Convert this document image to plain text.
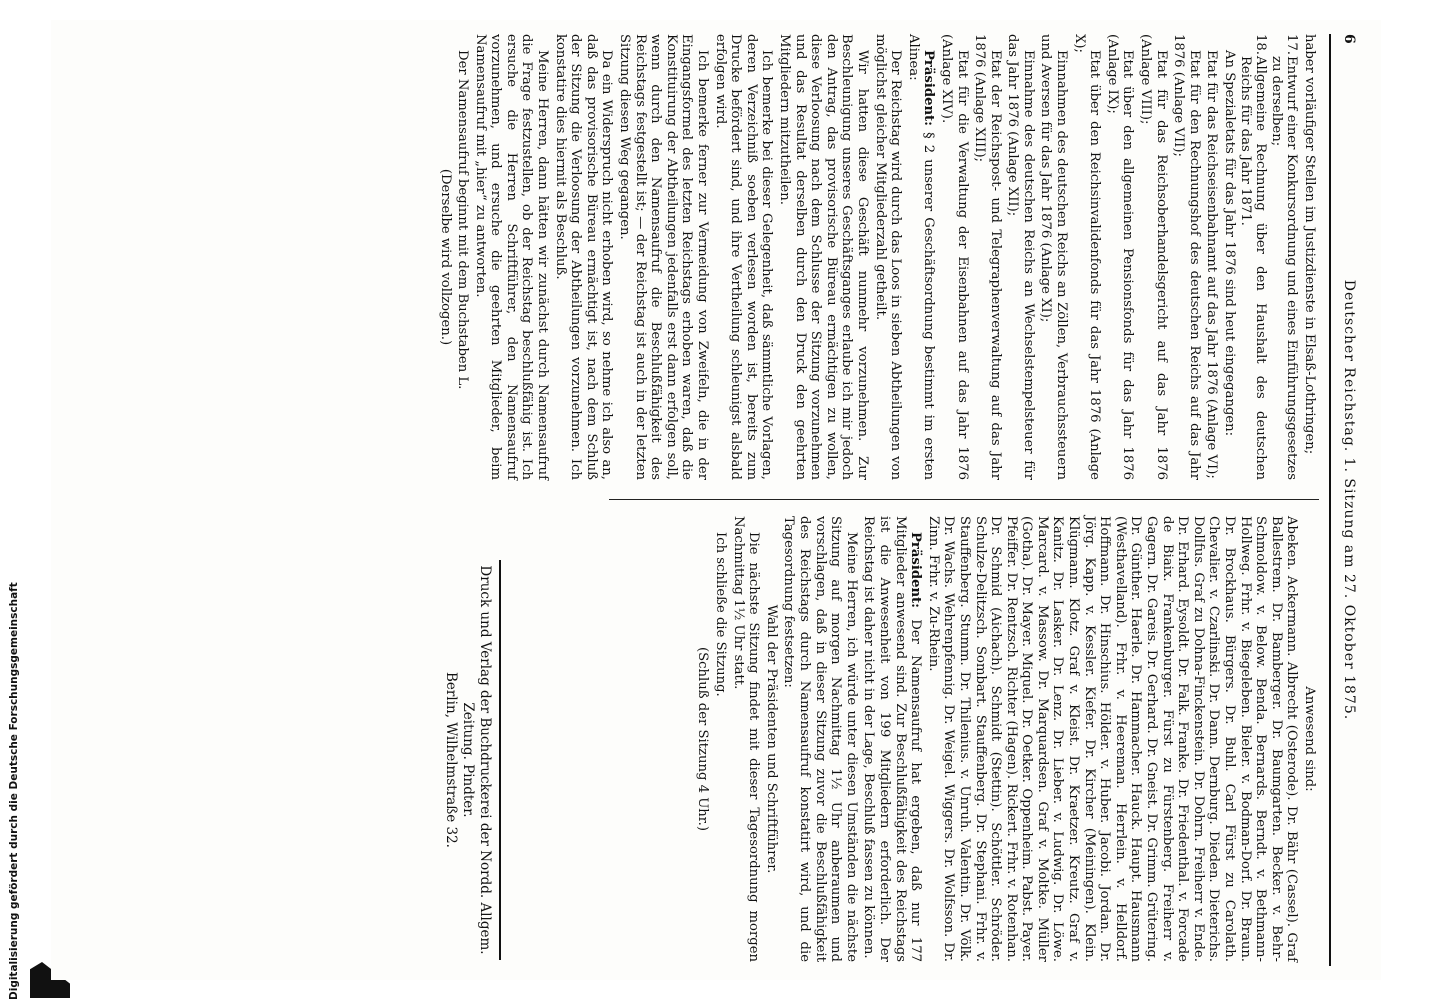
Digitalisierung gefördert durch die Deutsche Forschungsgemeinschaft
6
Deutscher Reichstag. 1. Sitzung am 27. Oktober 1875.

haber vorläufiger Stellen im Justizdienste in Elsaß-Lothringen;

17.
Entwurf einer Konkursordnung und eines Einführungsgesetzes zu derselben;
18.
Allgemeine Rechnung über den Haushalt des deutschen Reichs für das Jahr 1871.

An Spezialetats für das Jahr 1876 sind heut eingegangen:

Etat für das Reichseisenbahnamt auf das Jahr 1876 (Anlage VI);

Etat für den Rechnungshof des deutschen Reichs auf das Jahr 1876 (Anlage VII);

Etat für das Reichsoberhandelsgericht auf das Jahr 1876 (Anlage VIII);

Etat über den allgemeinen Pensionsfonds für das Jahr 1876 (Anlage IX);

Etat über den Reichsinvalidenfonds für das Jahr 1876 (Anlage X);

Einnahmen des deutschen Reichs an Zöllen, Verbrauchssteuern und Aversen für das Jahr 1876 (Anlage XI);

Einnahme des deutschen Reichs an Wechselstempelsteuer für das Jahr 1876 (Anlage XII);

Etat der Reichspost- und Telegraphenverwaltung auf das Jahr 1876 (Anlage XIII);

Etat für die Verwaltung der Eisenbahnen auf das Jahr 1876 (Anlage XIV).

Präsident: § 2 unserer Geschäftsordnung bestimmt im ersten Alinea:

Der Reichstag wird durch das Loos in sieben Abtheilungen von möglichst gleicher Mitgliederzahl getheilt.

Wir hatten diese Geschäft nunmehr vorzunehmen. Zur Beschleunigung unseres Geschäftsganges erlaube ich mir jedoch den Antrag, das provisorische Büreau ermächtigen zu wollen, diese Verloosung nach dem Schlusse der Sitzung vorzunehmen und das Resultat derselben durch den Druck den geehrten Mitgliedern mitzutheilen.

Ich bemerke bei dieser Gelegenheit, daß sämmtliche Vorlagen, deren Verzeichniß soeben verlesen worden ist, bereits zum Drucke befördert sind, und ihre Vertheilung schleunigst alsbald erfolgen wird.

Ich bemerke ferner zur Vermeidung von Zweifeln, die in der Eingangsformel des letzten Reichstags erhoben waren, daß die Konstituirung der Abtheilungen jedenfalls erst dann erfolgen soll, wenn durch den Namensaufruf die Beschlußfähigkeit des Reichstags festgestellt ist; — der Reichstag ist auch in der letzten Sitzung diesen Weg gegangen.

Da ein Widerspruch nicht erhoben wird, so nehme ich also an, daß das provisorische Büreau ermächtigt ist, nach dem Schluß der Sitzung die Verloosung der Abtheilungen vorzunehmen. Ich konstatire dies hiermit als Beschluß.

Meine Herren, dann hätten wir zunächst durch Namensaufruf die Frage festzustellen, ob der Reichstag beschlußfähig ist. Ich ersuche die Herren Schriftführer, den Namensaufruf vorzunehmen, und ersuche die geehrten Mitglieder, beim Namensaufruf mit „hier“ zu antworten.

Der Namensaufruf beginnt mit dem Buchstaben L.

(Derselbe wird vollzogen.)

Anwesend sind:

Abeken. Ackermann. Albrecht (Osterode). Dr. Bähr (Cassel). Graf Ballestrem. Dr. Bamberger. Dr. Baumgarten. Becker. v. Behr-Schmoldow. v. Below. Benda. Bernards. Berndt. v. Bethmann-Hollweg. Frhr. v. Biegeleben. Bieler. v. Bodman-Dorf. Dr. Braun. Dr. Brockhaus. Bürgers. Dr. Buhl. Carl Fürst zu Carolath. Chevalier. v. Czarlinski. Dr. Dann. Dernburg. Dieden. Dieterichs. Dollfus. Graf zu Dohna-Finckenstein. Dr. Dohrn. Freiherr v. Ende. Dr. Erhard. Eysoldt. Dr. Falk. Franke. Dr. Friedenthal. v. Forcade de Biaix. Frankenburger. Fürst zu Fürstenberg. Freiherr v. Gagern. Dr. Gareis. Dr. Gerhard. Dr. Gneist. Dr. Grimm. Grütering. Dr. Günther. Haerle. Dr. Hammacher. Hauck. Haupt. Hausmann (Westhavelland). Frhr. v. Heereman. Herrlein. v. Helldorf. Hoffmann. Dr. Hinschius. Hölder. v. Huber. Jacobi. Jordan. Dr. Jörg. Kapp. v. Kessler. Kiefer. Dr. Kircher (Meiningen). Klein. Klügmann. Klotz. Graf v. Kleist. Dr. Kraetzer. Kreutz. Graf v. Kanitz. Dr. Lasker. Dr. Lenz. Dr. Lieber. v. Ludwig. Dr. Löwe. Marcard. v. Massow. Dr. Marquardsen. Graf v. Moltke. Müller (Gotha). Dr. Mayer. Miquel. Dr. Oetker. Oppenheim. Pabst. Payer. Pfeiffer. Dr. Rentzsch. Richter (Hagen). Rickert. Frhr. v. Rotenhan. Dr. Schmid (Aichach). Schmidt (Stettin). Schöttler. Schröder. Schulze-Delitzsch. Sombart. Stauffenberg. Dr. Stephani. Frhr. v. Stauffenberg. Stumm. Dr. Thilenius. v. Unruh. Valentin. Dr. Völk. Dr. Wachs. Wehrenpfennig. Dr. Weigel. Wiggers. Dr. Wolfsson. Dr. Zinn. Frhr. v. Zu-Rhein.

Präsident: Der Namensaufruf hat ergeben, daß nur 177 Mitglieder anwesend sind. Zur Beschlußfähigkeit des Reichstags ist die Anwesenheit von 199 Mitgliedern erforderlich. Der Reichstag ist daher nicht in der Lage, Beschluß fassen zu können.

Meine Herren, ich würde unter diesen Umständen die nächste Sitzung auf morgen Nachmittag 1½ Uhr anberaumen und vorschlagen, daß in dieser Sitzung zuvor die Beschlußfähigkeit des Reichstags durch Namensaufruf konstatirt wird, und die Tagesordnung festsetzen:

Wahl der Präsidenten und Schriftführer.

Die nächste Sitzung findet mit dieser Tagesordnung morgen Nachmittag 1½ Uhr statt.

Ich schließe die Sitzung.

(Schluß der Sitzung 4 Uhr.)

Druck und Verlag der Buchdruckerei der Nordd. Allgem. Zeitung. Pindter.
Berlin, Wilhelmstraße 32.
